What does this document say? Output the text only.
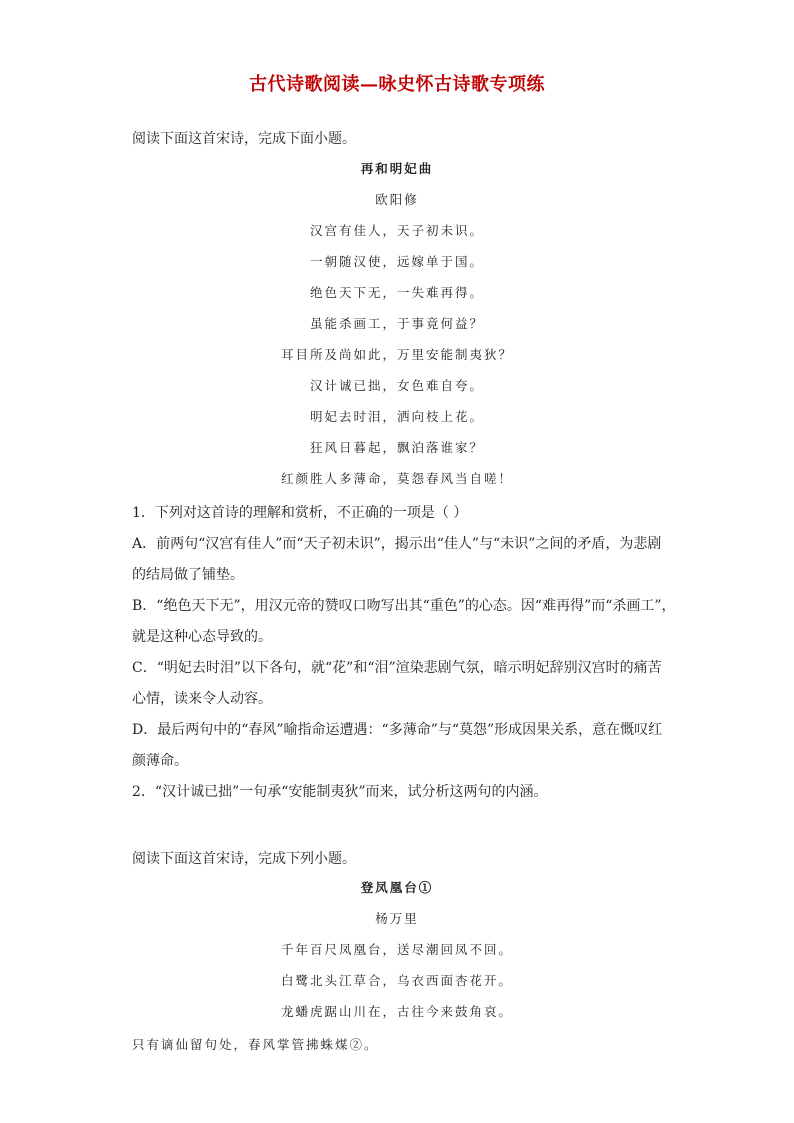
古代诗歌阅读—咏史怀古诗歌专项练
阅读下面这首宋诗，完成下面小题。
再和明妃曲
欧阳修
汉宫有佳人，天子初未识。
一朝随汉使，远嫁单于国。
绝色天下无，一失难再得。
虽能杀画工，于事竟何益？
耳目所及尚如此，万里安能制夷狄？
汉计诚已拙，女色难自夸。
明妃去时泪，洒向枝上花。
狂风日暮起，飘泊落谁家？
红颜胜人多薄命，莫怨春风当自嗟！
1．下列对这首诗的理解和赏析，不正确的一项是（ ）
A．前两句“汉宫有佳人”而“天子初未识”，揭示出“佳人”与“未识”之间的矛盾，为悲剧
的结局做了铺垫。
B．“绝色天下无”，用汉元帝的赞叹口吻写出其“重色”的心态。因“难再得”而“杀画工”，
就是这种心态导致的。
C．“明妃去时泪”以下各句，就“花”和“泪”渲染悲剧气氛，暗示明妃辞别汉宫时的痛苦
心情，读来令人动容。
D．最后两句中的“春风”喻指命运遭遇：“多薄命”与“莫怨”形成因果关系，意在慨叹红
颜薄命。
2．“汉计诚已拙”一句承“安能制夷狄”而来，试分析这两句的内涵。
阅读下面这首宋诗，完成下列小题。
登凤凰台①
杨万里
千年百尺凤凰台，送尽潮回凤不回。
白鹭北头江草合，乌衣西面杏花开。
龙蟠虎踞山川在，古往今来鼓角哀。
只有谪仙留句处，春风掌管拂蛛煤②。
